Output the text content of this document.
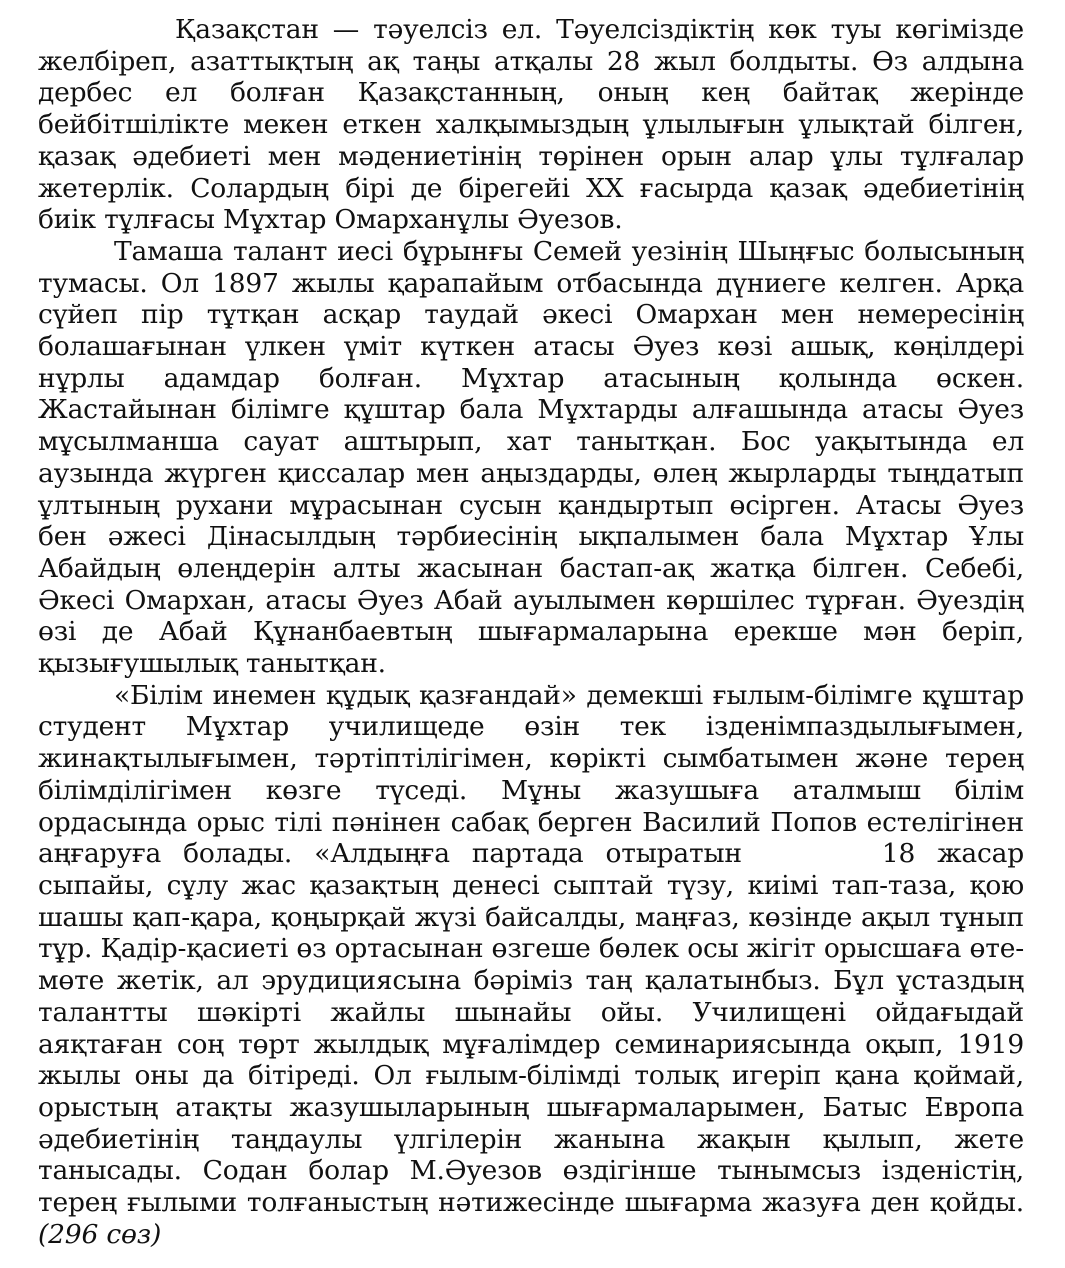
Қазақстан — тәуелсіз ел. Тәуелсіздіктің көк туы көгімізде желбіреп, азаттықтың ақ таңы атқалы 28 жыл болдыты. Өз алдына дербес ел болған Қазақстанның, оның кең байтақ жерінде бейбітшілікте мекен еткен халқымыздың ұлылығын ұлықтай білген, қазақ әдебиеті мен мәдениетінің төрінен орын алар ұлы тұлғалар жетерлік. Солардың бірі де бірегейі ХХ ғасырда қазақ әдебиетінің биік тұлғасы Мұхтар Омарханұлы Әуезов.

Тамаша талант иесі бұрынғы Семей уезінің Шыңғыс болысының тумасы. Ол 1897 жылы қарапайым отбасында дүниеге келген. Арқа сүйеп пір тұтқан асқар таудай әкесі Омархан мен немересінің болашағынан үлкен үміт күткен атасы Әуез көзі ашық, көңілдері нұрлы адамдар болған. Мұхтар атасының қолында өскен. Жастайынан білімге құштар бала Мұхтарды алғашында атасы Әуез мұсылманша сауат аштырып, хат танытқан. Бос уақытында ел аузында жүрген қиссалар мен аңыздарды, өлең жырларды тыңдатып ұлтының рухани мұрасынан сусын қандыртып өсірген. Атасы Әуез бен әжесі Дінасылдың тәрбиесінің ықпалымен бала Мұхтар Ұлы Абайдың өлеңдерін алты жасынан бастап-ақ жатқа білген. Себебі, Әкесі Омархан, атасы Әуез Абай ауылымен көршілес тұрған. Әуездің өзі де Абай Құнанбаевтың шығармаларына ерекше мән беріп, қызығушылық танытқан.

«Білім инемен құдық қазғандай» демекші ғылым-білімге құштар студент Мұхтар училищеде өзін тек ізденімпаздылығымен, жинақтылығымен, тәртіптілігімен, көрікті сымбатымен және терең білімділігімен көзге түседі. Мұны жазушыға аталмыш білім ордасында орыс тілі пәнінен сабақ берген Василий Попов естелігінен аңғаруға болады. «Алдыңға партада отыратын	18 жасар сыпайы, сұлу жас қазақтың денесі сыптай түзу, киімі тап-таза, қою шашы қап-қара, қоңырқай жүзі байсалды, маңғаз, көзінде ақыл тұнып тұр. Қадір-қасиеті өз ортасынан өзгеше бөлек осы жігіт орысшаға өте-мөте жетік, ал эрудициясына бәріміз таң қалатынбыз. Бұл ұстаздың талантты шәкірті жайлы шынайы ойы. Училищені ойдағыдай аяқтаған соң төрт жылдық мұғалімдер семинариясында оқып, 1919 жылы оны да бітіреді. Ол ғылым-білімді толық игеріп қана қоймай, орыстың атақты жазушыларының шығармаларымен, Батыс Европа әдебиетінің таңдаулы үлгілерін жанына жақын қылып, жете танысады. Содан болар М.Әуезов өздігінше тынымсыз ізденістің, терең ғылыми толғаныстың нәтижесінде шығарма жазуға ден қойды. (296 сөз)
